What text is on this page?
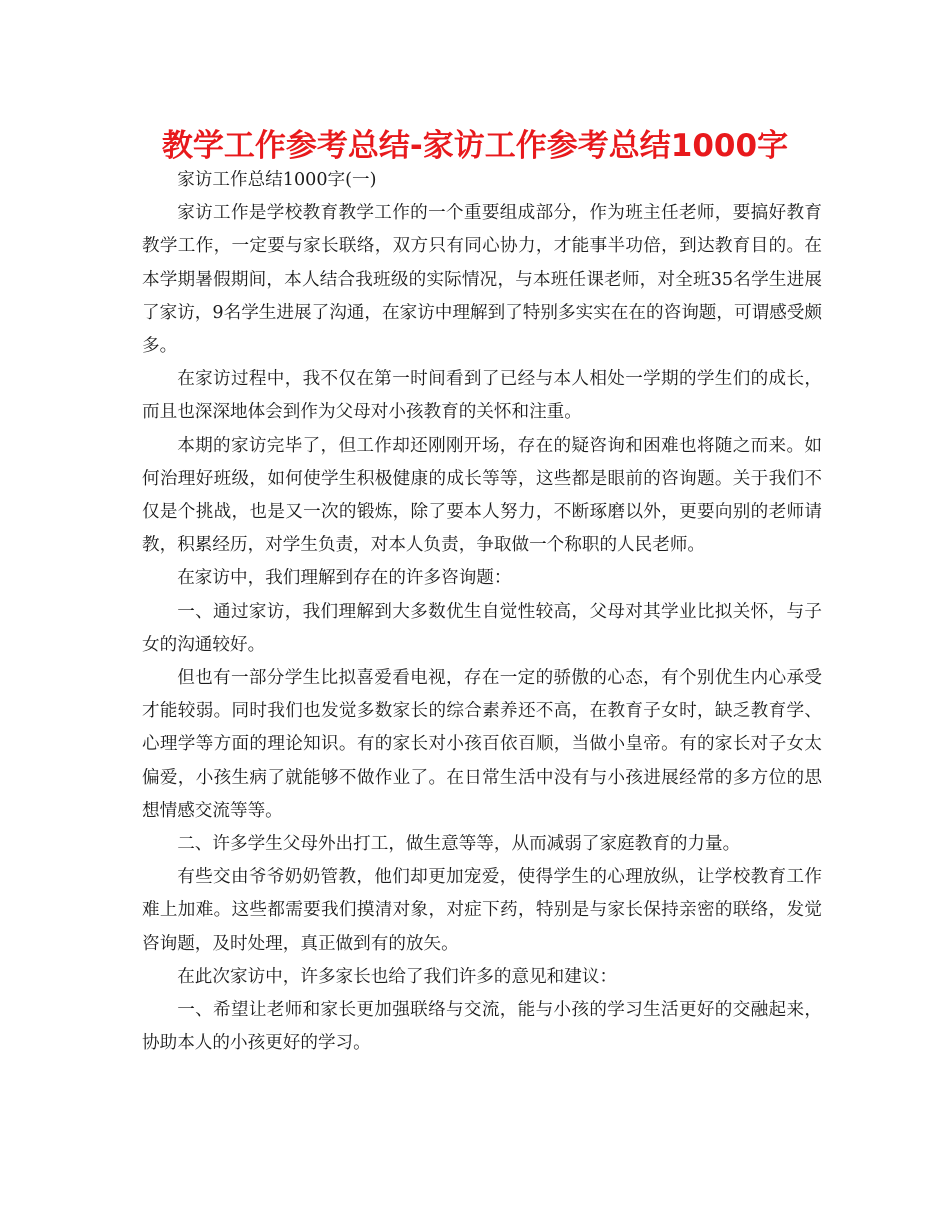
教学工作参考总结-家访工作参考总结1000字

家访工作总结1000字(一)

家访工作是学校教育教学工作的一个重要组成部分，作为班主任老师，要搞好教育教学工作，一定要与家长联络，双方只有同心协力，才能事半功倍，到达教育目的。在本学期暑假期间，本人结合我班级的实际情况，与本班任课老师，对全班35名学生进展了家访，9名学生进展了沟通，在家访中理解到了特别多实实在在的咨询题，可谓感受颇多。

在家访过程中，我不仅在第一时间看到了已经与本人相处一学期的学生们的成长，而且也深深地体会到作为父母对小孩教育的关怀和注重。

本期的家访完毕了，但工作却还刚刚开场，存在的疑咨询和困难也将随之而来。如何治理好班级，如何使学生积极健康的成长等等，这些都是眼前的咨询题。关于我们不仅是个挑战，也是又一次的锻炼，除了要本人努力，不断琢磨以外，更要向别的老师请教，积累经历，对学生负责，对本人负责，争取做一个称职的人民老师。

在家访中，我们理解到存在的许多咨询题：

一、通过家访，我们理解到大多数优生自觉性较高，父母对其学业比拟关怀，与子女的沟通较好。

但也有一部分学生比拟喜爱看电视，存在一定的骄傲的心态，有个别优生内心承受才能较弱。同时我们也发觉多数家长的综合素养还不高，在教育子女时，缺乏教育学、心理学等方面的理论知识。有的家长对小孩百依百顺，当做小皇帝。有的家长对子女太偏爱，小孩生病了就能够不做作业了。在日常生活中没有与小孩进展经常的多方位的思想情感交流等等。

二、许多学生父母外出打工，做生意等等，从而减弱了家庭教育的力量。

有些交由爷爷奶奶管教，他们却更加宠爱，使得学生的心理放纵，让学校教育工作难上加难。这些都需要我们摸清对象，对症下药，特别是与家长保持亲密的联络，发觉咨询题，及时处理，真正做到有的放矢。

在此次家访中，许多家长也给了我们许多的意见和建议：

一、希望让老师和家长更加强联络与交流，能与小孩的学习生活更好的交融起来，协助本人的小孩更好的学习。
